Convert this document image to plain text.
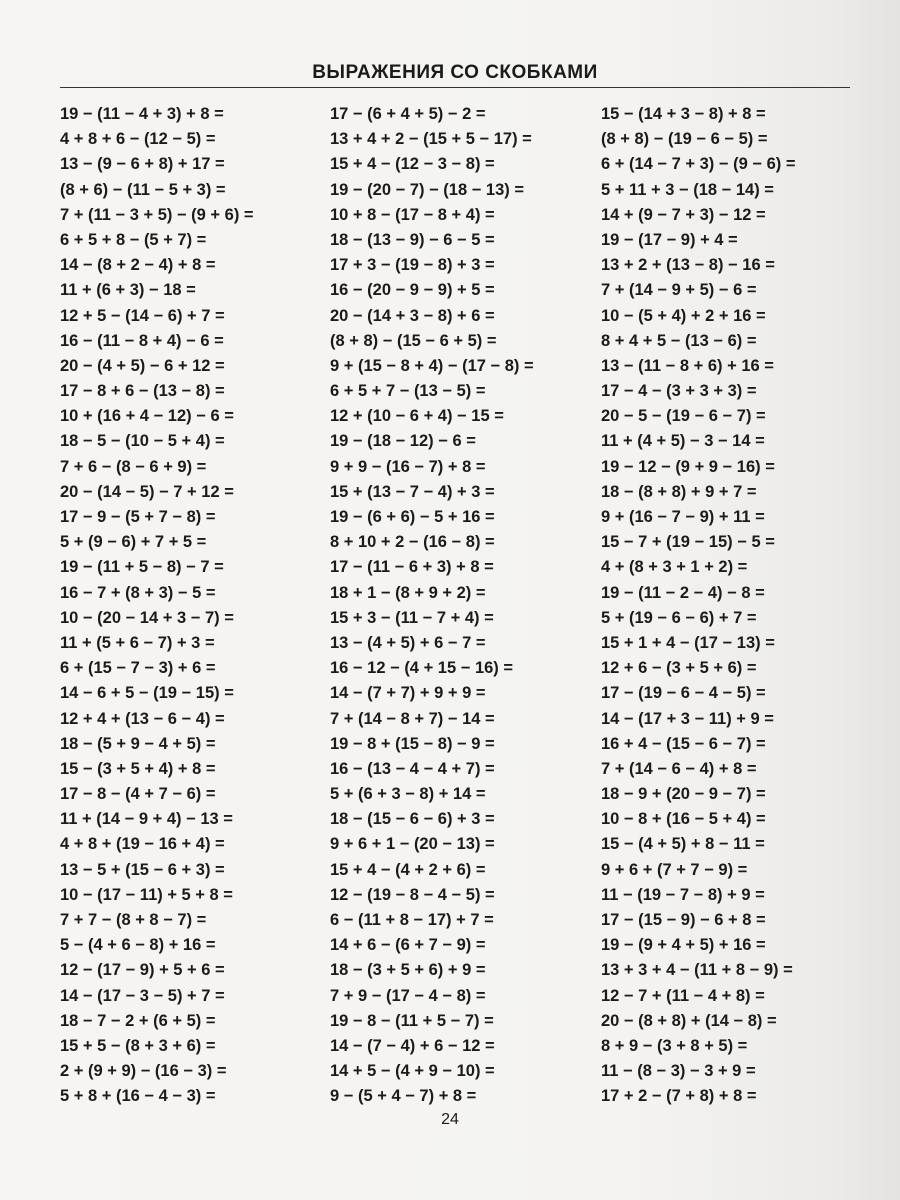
ВЫРАЖЕНИЯ СО СКОБКАМИ
19 − (11 − 4 + 3) + 8 =
4 + 8 + 6 − (12 − 5) =
13 − (9 − 6 + 8) + 17 =
(8 + 6) − (11 − 5 + 3) =
7 + (11 − 3 + 5) − (9 + 6) =
6 + 5 + 8 − (5 + 7) =
14 − (8 + 2 − 4) + 8 =
11 + (6 + 3) − 18 =
12 + 5 − (14 − 6) + 7 =
16 − (11 − 8 + 4) − 6 =
20 − (4 + 5) − 6 + 12 =
17 − 8 + 6 − (13 − 8) =
10 + (16 + 4 − 12) − 6 =
18 − 5 − (10 − 5 + 4) =
7 + 6 − (8 − 6 + 9) =
20 − (14 − 5) − 7 + 12 =
17 − 9 − (5 + 7 − 8) =
5 + (9 − 6) + 7 + 5 =
19 − (11 + 5 − 8) − 7 =
16 − 7 + (8 + 3) − 5 =
10 − (20 − 14 + 3 − 7) =
11 + (5 + 6 − 7) + 3 =
6 + (15 − 7 − 3) + 6 =
14 − 6 + 5 − (19 − 15) =
12 + 4 + (13 − 6 − 4) =
18 − (5 + 9 − 4 + 5) =
15 − (3 + 5 + 4) + 8 =
17 − 8 − (4 + 7 − 6) =
11 + (14 − 9 + 4) − 13 =
4 + 8 + (19 − 16 + 4) =
13 − 5 + (15 − 6 + 3) =
10 − (17 − 11) + 5 + 8 =
7 + 7 − (8 + 8 − 7) =
5 − (4 + 6 − 8) + 16 =
12 − (17 − 9) + 5 + 6 =
14 − (17 − 3 − 5) + 7 =
18 − 7 − 2 + (6 + 5) =
15 + 5 − (8 + 3 + 6) =
2 + (9 + 9) − (16 − 3) =
5 + 8 + (16 − 4 − 3) =
17 − (6 + 4 + 5) − 2 =
13 + 4 + 2 − (15 + 5 − 17) =
15 + 4 − (12 − 3 − 8) =
19 − (20 − 7) − (18 − 13) =
10 + 8 − (17 − 8 + 4) =
18 − (13 − 9) − 6 − 5 =
17 + 3 − (19 − 8) + 3 =
16 − (20 − 9 − 9) + 5 =
20 − (14 + 3 − 8) + 6 =
(8 + 8) − (15 − 6 + 5) =
9 + (15 − 8 + 4) − (17 − 8) =
6 + 5 + 7 − (13 − 5) =
12 + (10 − 6 + 4) − 15 =
19 − (18 − 12) − 6 =
9 + 9 − (16 − 7) + 8 =
15 + (13 − 7 − 4) + 3 =
19 − (6 + 6) − 5 + 16 =
8 + 10 + 2 − (16 − 8) =
17 − (11 − 6 + 3) + 8 =
18 + 1 − (8 + 9 + 2) =
15 + 3 − (11 − 7 + 4) =
13 − (4 + 5) + 6 − 7 =
16 − 12 − (4 + 15 − 16) =
14 − (7 + 7) + 9 + 9 =
7 + (14 − 8 + 7) − 14 =
19 − 8 + (15 − 8) − 9 =
16 − (13 − 4 − 4 + 7) =
5 + (6 + 3 − 8) + 14 =
18 − (15 − 6 − 6) + 3 =
9 + 6 + 1 − (20 − 13) =
15 + 4 − (4 + 2 + 6) =
12 − (19 − 8 − 4 − 5) =
6 − (11 + 8 − 17) + 7 =
14 + 6 − (6 + 7 − 9) =
18 − (3 + 5 + 6) + 9 =
7 + 9 − (17 − 4 − 8) =
19 − 8 − (11 + 5 − 7) =
14 − (7 − 4) + 6 − 12 =
14 + 5 − (4 + 9 − 10) =
9 − (5 + 4 − 7) + 8 =
15 − (14 + 3 − 8) + 8 =
(8 + 8) − (19 − 6 − 5) =
6 + (14 − 7 + 3) − (9 − 6) =
5 + 11 + 3 − (18 − 14) =
14 + (9 − 7 + 3) − 12 =
19 − (17 − 9) + 4 =
13 + 2 + (13 − 8) − 16 =
7 + (14 − 9 + 5) − 6 =
10 − (5 + 4) + 2 + 16 =
8 + 4 + 5 − (13 − 6) =
13 − (11 − 8 + 6) + 16 =
17 − 4 − (3 + 3 + 3) =
20 − 5 − (19 − 6 − 7) =
11 + (4 + 5) − 3 − 14 =
19 − 12 − (9 + 9 − 16) =
18 − (8 + 8) + 9 + 7 =
9 + (16 − 7 − 9) + 11 =
15 − 7 + (19 − 15) − 5 =
4 + (8 + 3 + 1 + 2) =
19 − (11 − 2 − 4) − 8 =
5 + (19 − 6 − 6) + 7 =
15 + 1 + 4 − (17 − 13) =
12 + 6 − (3 + 5 + 6) =
17 − (19 − 6 − 4 − 5) =
14 − (17 + 3 − 11) + 9 =
16 + 4 − (15 − 6 − 7) =
7 + (14 − 6 − 4) + 8 =
18 − 9 + (20 − 9 − 7) =
10 − 8 + (16 − 5 + 4) =
15 − (4 + 5) + 8 − 11 =
9 + 6 + (7 + 7 − 9) =
11 − (19 − 7 − 8) + 9 =
17 − (15 − 9) − 6 + 8 =
19 − (9 + 4 + 5) + 16 =
13 + 3 + 4 − (11 + 8 − 9) =
12 − 7 + (11 − 4 + 8) =
20 − (8 + 8) + (14 − 8) =
8 + 9 − (3 + 8 + 5) =
11 − (8 − 3) − 3 + 9 =
17 + 2 − (7 + 8) + 8 =
24
